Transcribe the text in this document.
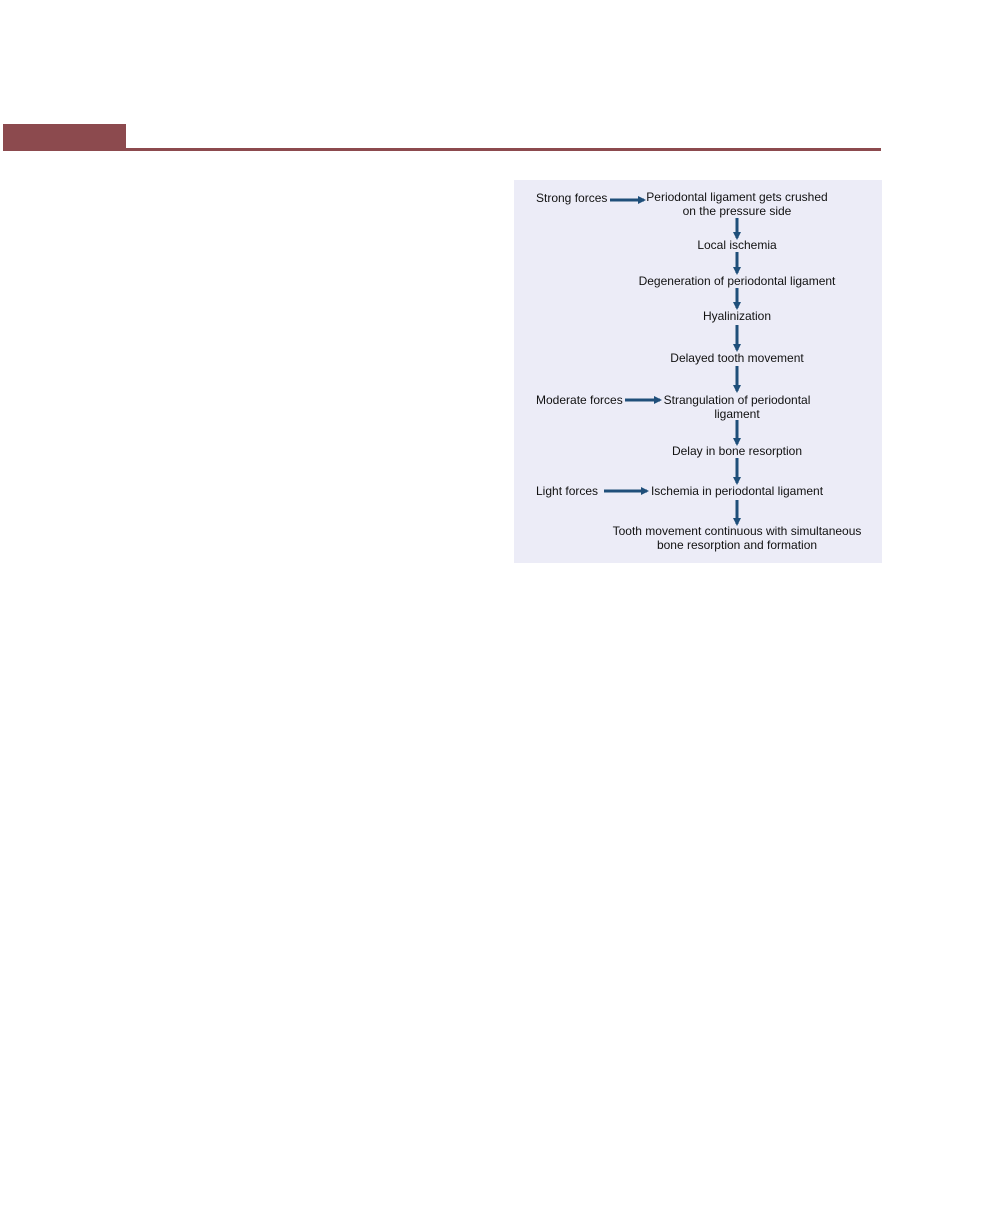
Strong forces	Periodontal ligament gets crushed
on the pressure side
Local ischemia
Degeneration of periodontal ligament
Hyalinization
Delayed tooth movement
Moderate forces	Strangulation of periodontal
ligament
Delay in bone resorption
Light forces	Ischemia in periodontal ligament
Tooth movement continuous with simultaneous
bone resorption and formation
